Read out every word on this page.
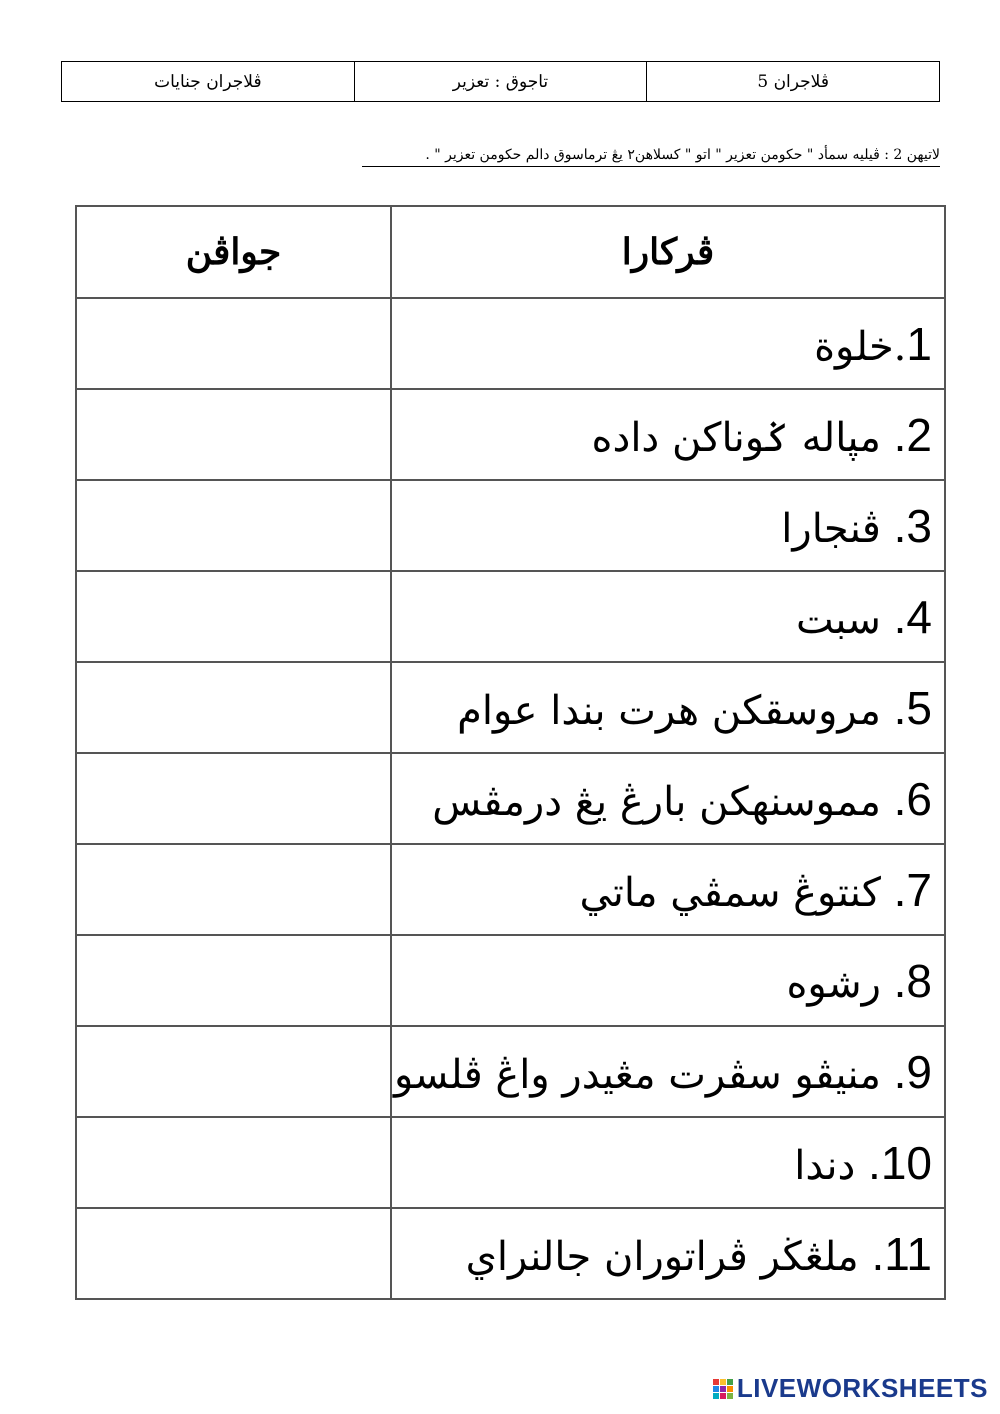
ڤلاجران جنايات	تاجوق : تعزير	ڤلاجران 5
لاتيهن 2 : ڤيليه سمأد " حكومن تعزير " اتو " كسلاهن٢ يڠ ترماسوق دالم حكومن تعزير " .
جواڤن	ڤركارا
	1.خلوة
	2. مپاله ݢوناکن داده
	3. ڤنجارا
	4. سبت
	5. مروسقکن هرت بندا عوام
	6. مموسنهکن بارڠ يڠ درمڤس
	7. کنتوڠ سمڤي ماتي
	8. رشوه
	9. منيڤو سڤرت مڠيدر واڠ ڤلسو
	10. دندا
	11. ملڠڬر ڤراتوران جالنراي
LIVEWORKSHEETS
